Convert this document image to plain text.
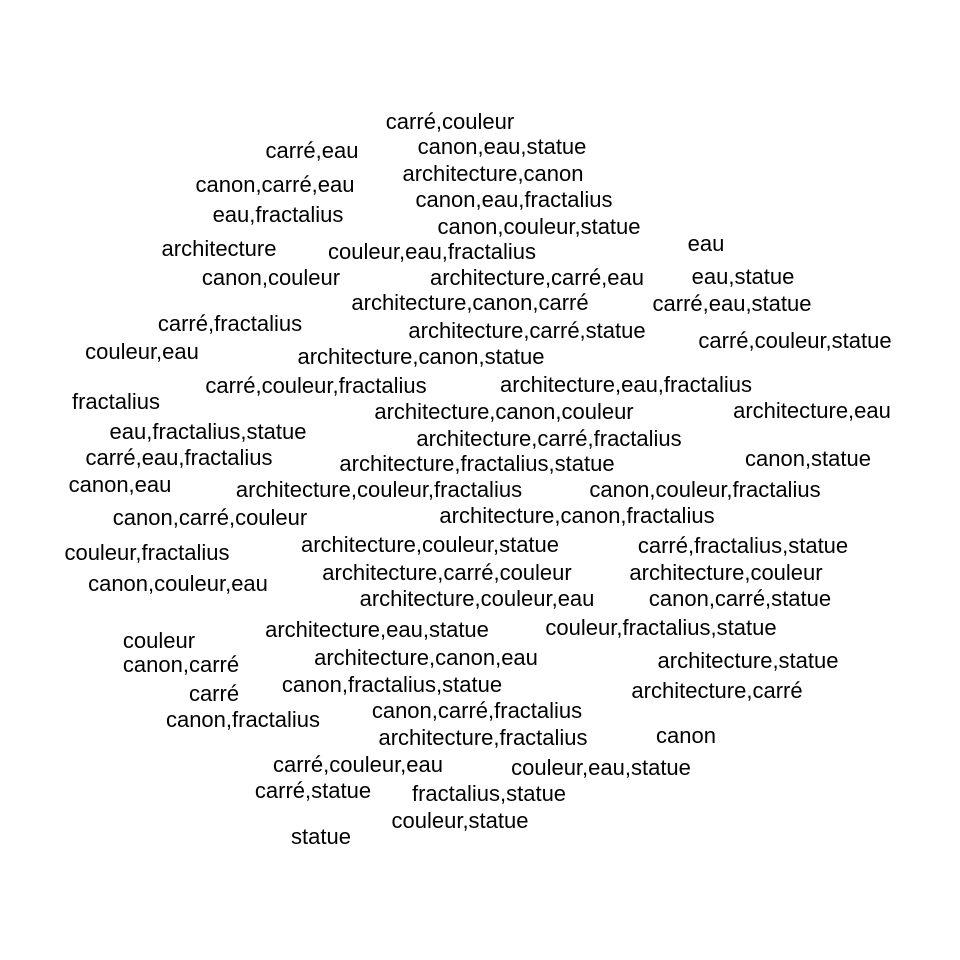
carré,couleur
carré,eau	canon,eau,statue
canon,carré,eau architecture,canon
eau,fractalius
canon,eau,fractalius
canon,couleur,statue
architecture couleur,eau,fractalius	eau
canon,couleur	architecture,carré,eau eau,statue
architecture,canon,carré	carré,eau,statue
carré,fractalius	architecture,carré,statue carré,couleur,statue
couleur,eau	architecture,canon,statue
carré,couleur,fractalius	architecture,eau,fractalius
fractalius	architecture,canon,couleur	architecture,eau
eau,fractalius,statue	architecture,carré,fractalius
carré,eau,fractalius	architecture,fractalius,statue	canon,statue
canon,eau	architecture,couleur,fractalius	canon,couleur,fractalius
canon,carré,couleur	architecture,canon,fractalius
couleur,fractalius	architecture,couleur,statue	carré,fractalius,statue
canon,couleur,eau architecture,carré,couleur	architecture,couleur
architecture,couleur,eau canon,carré,statue
couleur	architecture,eau,statue	couleur,fractalius,statue
canon,carré	architecture,canon,eau	architecture,statue
carré canon,fractalius,statue	architecture,carré
canon,fractalius canon,carré,fractalius
architecture,fractalius	canon
carré,couleur,eau	couleur,eau,statue
carré,statue fractalius,statue
couleur,statue
statue
